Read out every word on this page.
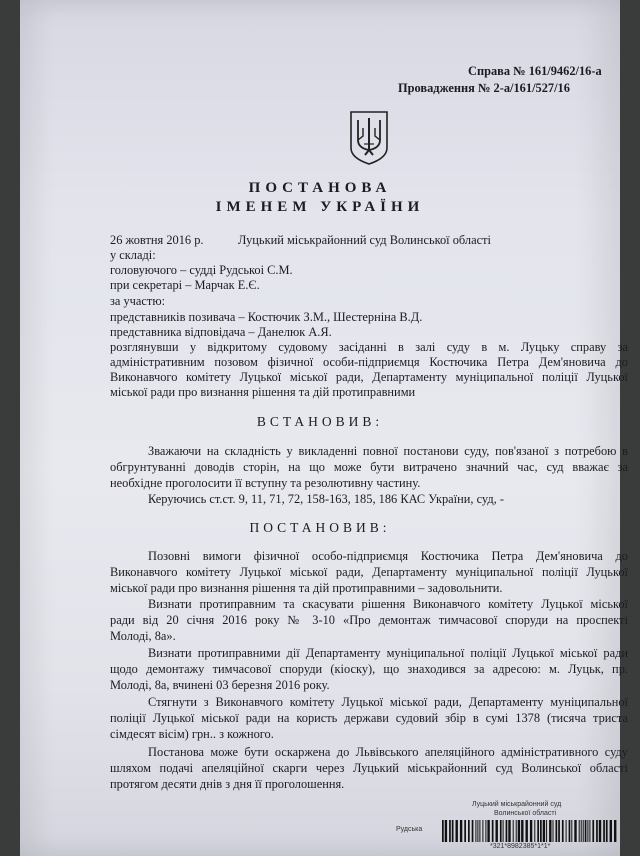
Справа № 161/9462/16-а
Провадження № 2-а/161/527/16
ПОСТАНОВА
ІМЕНЕМ УКРАЇНИ
26 жовтня 2016 р.	Луцький міськрайонний суд Волинської області
у складі:
головуючого – судді Рудськоі С.М.
при секретарі – Марчак Е.Є.
за участю:
представників позивача – Костючик З.М., Шестерніна В.Д.
представника відповідача – Данелюк А.Я.
розглянувши у відкритому судовому засіданні в залі суду в м. Луцьку справу за
адміністративним позовом фізичної особи-підприємця Костючика Петра Дем'яновича до
Виконавчого комітету Луцької міської ради, Департаменту муніципальної поліції Луцької
міської ради про визнання рішення та дій протиправними
ВСТАНОВИВ:
Зважаючи на складність у викладенні повної постанови суду, пов'язаної з потребою в
обгрунтуванні доводів сторін, на що може бути витрачено значний час, суд вважає за
необхідне проголосити її вступну та резолютивну частину.
Керуючись ст.ст. 9, 11, 71, 72, 158-163, 185, 186 КАС України, суд, -
ПОСТАНОВИВ:
Позовні вимоги фізичної особо-підприємця Костючика Петра Дем'яновича до
Виконавчого комітету Луцької міської ради, Департаменту муніципальної поліції Луцької
міської ради про визнання рішення та дій протиправними – задовольнити.
Визнати протиправним та скасувати рішення Виконавчого комітету Луцької міської
ради від 20 січня 2016 року № 3-10 «Про демонтаж тимчасової споруди на проспекті
Молоді, 8а».
Визнати протиправними дії Департаменту муніципальної поліції Луцької міської ради
щодо демонтажу тимчасової споруди (кіоску), що знаходився за адресою: м. Луцьк, пр.
Молоді, 8а, вчинені 03 березня 2016 року.
Стягнути з Виконавчого комітету Луцької міської ради, Департаменту муніципальної
поліції Луцької міської ради на користь держави судовий збір в сумі 1378 (тисяча триста
сімдесят вісім) грн.. з кожного.
Постанова може бути оскаржена до Львівського апеляційного адміністративного суду
шляхом подачі апеляційної скарги через Луцький міськрайонний суд Волинської області
протягом десяти днів з дня її проголошення.
Луцький міськрайонний суд
Волинської області
Рудська
*321*8982385*1*1*
